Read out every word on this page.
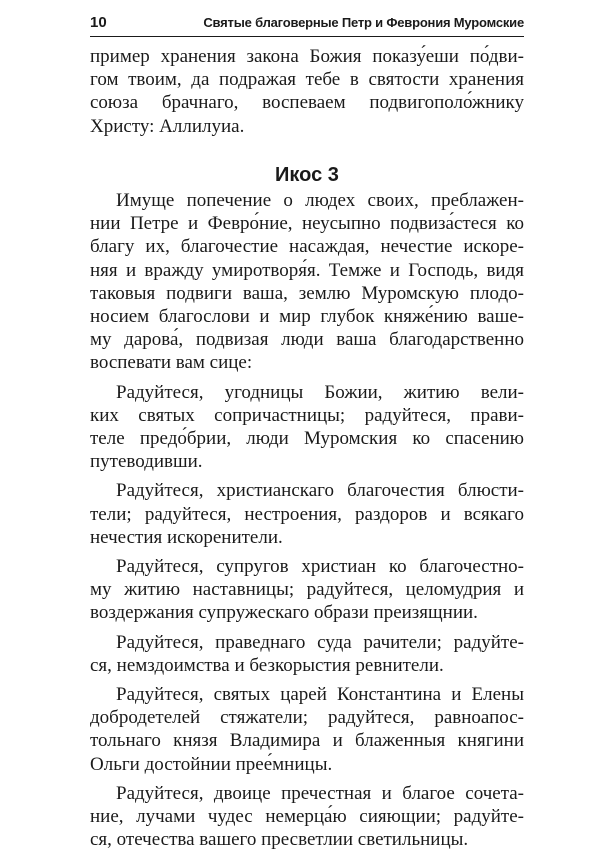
10	Святые благоверные Петр и Феврония Муромские
пример хранения закона Божия показу́еши по́дви-
гом твоим, да подражая тебе в святости хранения
союза брачнаго, воспеваем подвигополо́жнику
Христу: Аллилуиа.
Икос 3
Имуще попечение о людех своих, преблажен-
нии Петре и Февро́ние, неусыпно подвиза́стеся ко
благу их, благочестие насаждая, нечестие искоре-
няя и вражду умиротворя́я. Темже и Господь, видя
таковыя подвиги ваша, землю Муромскую плодо-
носием благослови и мир глубок княже́нию ваше-
му дарова́, подвизая люди ваша благодарственно
воспевати вам сице:
Радуйтеся, угодницы Божии, житию вели-
ких святых сопричастницы; радуйтеся, прави-
теле предо́брии, люди Муромския ко спасению
путеводивши.
Радуйтеся, христианскаго благочестия блюсти-
тели; радуйтеся, нестроения, раздоров и всякаго
нечестия искоренители.
Радуйтеся, супругов христиан ко благочестно-
му житию наставницы; радуйтеся, целомудрия и
воздержания супружескаго образи преизящнии.
Радуйтеся, праведнаго суда рачители; радуйте-
ся, немздоимства и безкорыстия ревнители.
Радуйтеся, святых царей Константина и Елены
добродетелей стяжатели; радуйтеся, равноапос-
тольнаго князя Владимира и блаженныя княгини
Ольги достойнии прее́мницы.
Радуйтеся, двоице пречестная и благое сочета-
ние, лучами чудес немерца́ю сияющии; радуйте-
ся, отечества вашего пресветлии светильницы.
